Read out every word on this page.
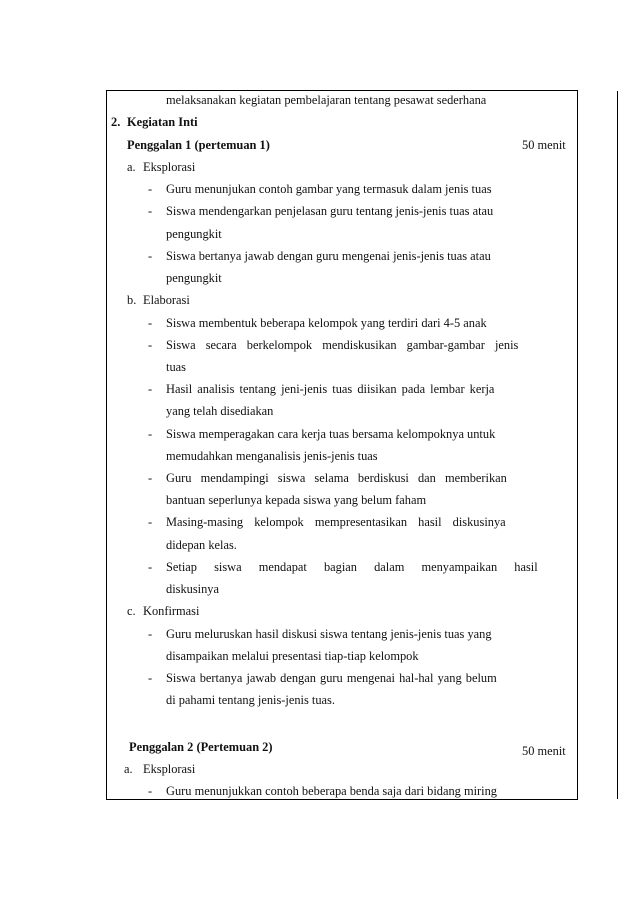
melaksanakan kegiatan pembelajaran tentang pesawat sederhana
2. Kegiatan Inti
Penggalan 1 (pertemuan 1)	50 menit
a. Eksplorasi
- Guru menunjukan contoh gambar yang termasuk dalam jenis tuas
- Siswa mendengarkan penjelasan guru tentang jenis-jenis tuas atau
pengungkit
- Siswa bertanya jawab dengan guru mengenai jenis-jenis tuas atau
pengungkit
b. Elaborasi
- Siswa membentuk beberapa kelompok yang terdiri dari 4-5 anak
- Siswa secara berkelompok mendiskusikan gambar-gambar jenis
tuas
- Hasil analisis tentang jeni-jenis tuas diisikan pada lembar kerja
yang telah disediakan
- Siswa memperagakan cara kerja tuas bersama kelompoknya untuk
memudahkan menganalisis jenis-jenis tuas
- Guru mendampingi siswa selama berdiskusi dan memberikan
bantuan seperlunya kepada siswa yang belum faham
- Masing-masing kelompok mempresentasikan hasil diskusinya
didepan kelas.
- Setiap siswa mendapat bagian dalam menyampaikan hasil
diskusinya
c. Konfirmasi
- Guru meluruskan hasil diskusi siswa tentang jenis-jenis tuas yang
disampaikan melalui presentasi tiap-tiap kelompok
- Siswa bertanya jawab dengan guru mengenai hal-hal yang belum
di pahami tentang jenis-jenis tuas.
Penggalan 2 (Pertemuan 2)	50 menit
a. Eksplorasi
- Guru menunjukkan contoh beberapa benda saja dari bidang miring
